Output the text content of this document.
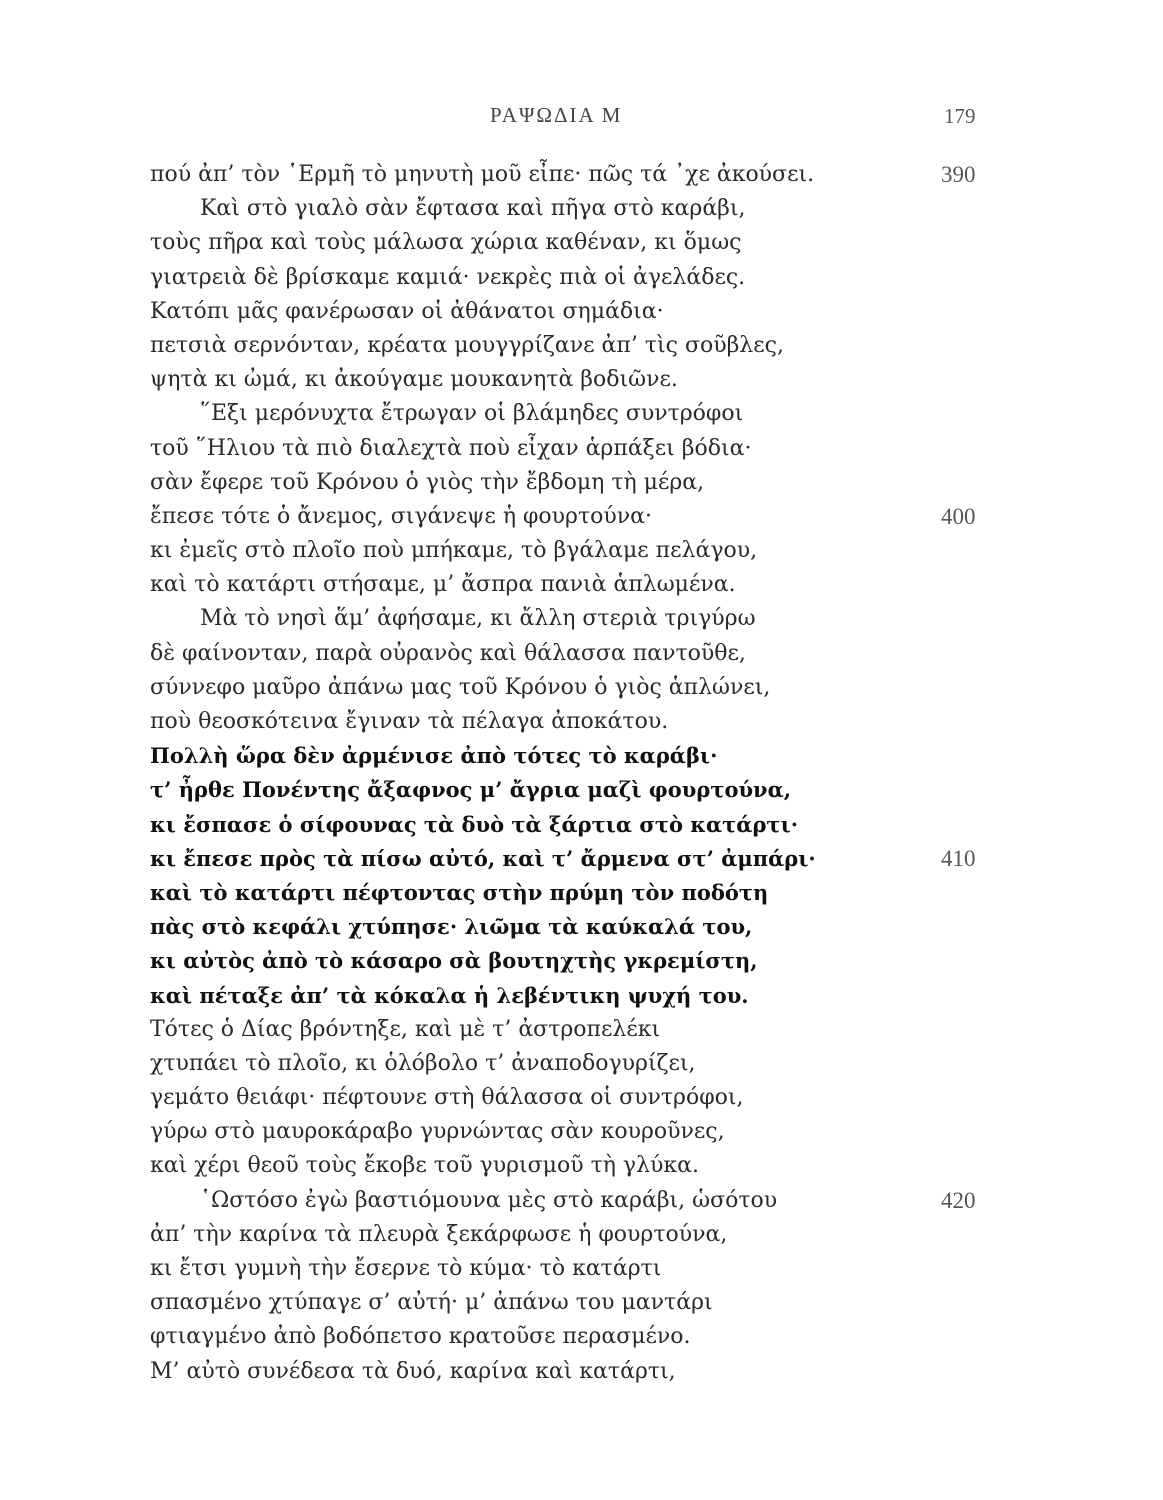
ΡΑΨΩΔΙΑ Μ	179
πού ἀπ’ τὸν ῾Ερμῆ τὸ μηνυτὴ μοῦ εἶπε· πῶς τά ᾽χε ἀκούσει.	390
Καὶ στὸ γιαλὸ σὰν ἔφτασα καὶ πῆγα στὸ καράβι,
τοὺς πῆρα καὶ τοὺς μάλωσα χώρια καθέναν, κι ὅμως
γιατρειὰ δὲ βρίσκαμε καμιά· νεκρὲς πιὰ οἱ ἀγελάδες.
Κατόπι μᾶς φανέρωσαν οἱ ἀθάνατοι σημάδια·
πετσιὰ σερνόνταν, κρέατα μουγγρίζανε ἀπ’ τὶς σοῦβλες,
ψητὰ κι ὠμά, κι ἀκούγαμε μουκανητὰ βοδιῶνε.
῞Εξι μερόνυχτα ἔτρωγαν οἱ βλάμηδες συντρόφοι
τοῦ ῞Ηλιου τὰ πιὸ διαλεχτὰ ποὺ εἶχαν ἁρπάξει βόδια·
σὰν ἔφερε τοῦ Κρόνου ὁ γιὸς τὴν ἔβδομη τὴ μέρα,
ἔπεσε τότε ὁ ἄνεμος, σιγάνεψε ἡ φουρτούνα·	400
κι ἐμεῖς στὸ πλοῖο ποὺ μπήκαμε, τὸ βγάλαμε πελάγου,
καὶ τὸ κατάρτι στήσαμε, μ’ ἄσπρα πανιὰ ἁπλωμένα.
Μὰ τὸ νησὶ ἅμ’ ἀφήσαμε, κι ἄλλη στεριὰ τριγύρω
δὲ φαίνονταν, παρὰ οὐρανὸς καὶ θάλασσα παντοῦθε,
σύννεφο μαῦρο ἀπάνω μας τοῦ Κρόνου ὁ γιὸς ἁπλώνει,
ποὺ θεοσκότεινα ἔγιναν τὰ πέλαγα ἀποκάτου.
Πολλὴ ὥρα δὲν ἀρμένισε ἀπὸ τότες τὸ καράβι·
τ’ ἦρθε Πονέντης ἄξαφνος μ’ ἄγρια μαζὶ φουρτούνα,
κι ἔσπασε ὁ σίφουνας τὰ δυὸ τὰ ξάρτια στὸ κατάρτι·
κι ἔπεσε πρὸς τὰ πίσω αὐτό, καὶ τ’ ἄρμενα στ’ ἀμπάρι·	410
καὶ τὸ κατάρτι πέφτοντας στὴν πρύμη τὸν ποδότη
πὰς στὸ κεφάλι χτύπησε· λιῶμα τὰ καύκαλά του,
κι αὐτὸς ἀπὸ τὸ κάσαρο σὰ βουτηχτὴς γκρεμίστη,
καὶ πέταξε ἀπ’ τὰ κόκαλα ἡ λεβέντικη ψυχή του.
Τότες ὁ Δίας βρόντηξε, καὶ μὲ τ’ ἀστροπελέκι
χτυπάει τὸ πλοῖο, κι ὁλόβολο τ’ ἀναποδογυρίζει,
γεμάτο θειάφι· πέφτουνε στὴ θάλασσα οἱ συντρόφοι,
γύρω στὸ μαυροκάραβο γυρνώντας σὰν κουροῦνες,
καὶ χέρι θεοῦ τοὺς ἔκοβε τοῦ γυρισμοῦ τὴ γλύκα.
῾Ωστόσο ἐγὼ βαστιόμουνα μὲς στὸ καράβι, ὡσότου	420
ἀπ’ τὴν καρίνα τὰ πλευρὰ ξεκάρφωσε ἡ φουρτούνα,
κι ἔτσι γυμνὴ τὴν ἔσερνε τὸ κύμα· τὸ κατάρτι
σπασμένο χτύπαγε σ’ αὐτή· μ’ ἀπάνω του μαντάρι
φτιαγμένο ἀπὸ βοδόπετσο κρατοῦσε περασμένο.
Μ’ αὐτὸ συνέδεσα τὰ δυό, καρίνα καὶ κατάρτι,
